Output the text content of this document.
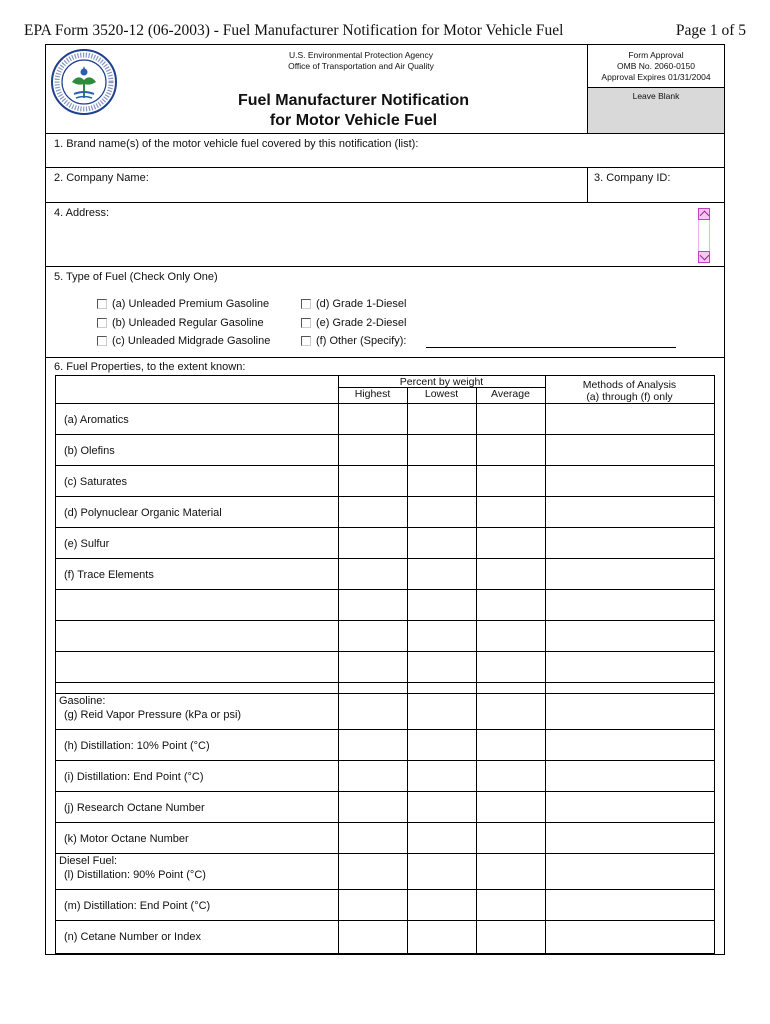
EPA Form 3520-12 (06-2003) - Fuel Manufacturer Notification for Motor Vehicle Fuel	Page 1 of 5
U.S. Environmental Protection Agency
Office of Transportation and Air Quality
Fuel Manufacturer Notification
for Motor Vehicle Fuel
Form Approval
OMB No. 2060-0150
Approval Expires 01/31/2004
Leave Blank
1. Brand name(s) of the motor vehicle fuel covered by this notification (list):
2. Company Name:	3. Company ID:
4. Address:
5. Type of Fuel (Check Only One)
(a) Unleaded Premium Gasoline
(b) Unleaded Regular Gasoline
(c) Unleaded Midgrade Gasoline
(d) Grade 1-Diesel
(e) Grade 2-Diesel
(f) Other (Specify):
6. Fuel Properties, to the extent known:
Percent by weight
Highest	Lowest	Average
Methods of Analysis
(a) through (f) only
(a) Aromatics
(b) Olefins
(c) Saturates
(d) Polynuclear Organic Material
(e) Sulfur
(f) Trace Elements
Gasoline:
(g) Reid Vapor Pressure (kPa or psi)
(h) Distillation: 10% Point (°C)
(i) Distillation: End Point (°C)
(j) Research Octane Number
(k) Motor Octane Number
Diesel Fuel:
(l) Distillation: 90% Point (°C)
(m) Distillation: End Point (°C)
(n) Cetane Number or Index
